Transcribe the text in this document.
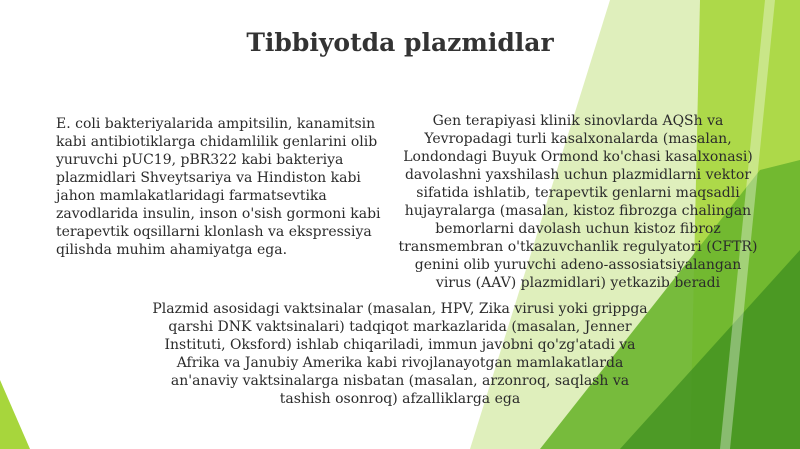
Tibbiyotda plazmidlar
E. coli bakteriyalarida ampitsilin, kanamitsin kabi antibiotiklarga chidamlilik genlarini olib yuruvchi pUC19, pBR322 kabi bakteriya plazmidlari Shveytsariya va Hindiston kabi jahon mamlakatlaridagi farmatsevtika zavodlarida insulin, inson o'sish gormoni kabi terapevtik oqsillarni klonlash va ekspressiya qilishda muhim ahamiyatga ega.
Gen terapiyasi klinik sinovlarda AQSh va Yevropadagi turli kasalxonalarda (masalan, Londondagi Buyuk Ormond ko'chasi kasalxonasi) davolashni yaxshilash uchun plazmidlarni vektor sifatida ishlatib, terapevtik genlarni maqsadli hujayralarga (masalan, kistoz fibrozga chalingan bemorlarni davolash uchun kistoz fibroz transmembran o'tkazuvchanlik regulyatori (CFTR) genini olib yuruvchi adeno-assosiatsiyalangan virus (AAV) plazmidlari) yetkazib beradi
Plazmid asosidagi vaktsinalar (masalan, HPV, Zika virusi yoki grippga
qarshi DNK vaktsinalari) tadqiqot markazlarida (masalan, Jenner
Instituti, Oksford) ishlab chiqariladi, immun javobni qo'zg'atadi va
Afrika va Janubiy Amerika kabi rivojlanayotgan mamlakatlarda
an'anaviy vaktsinalarga nisbatan (masalan, arzonroq, saqlash va
tashish osonroq) afzalliklarga ega
